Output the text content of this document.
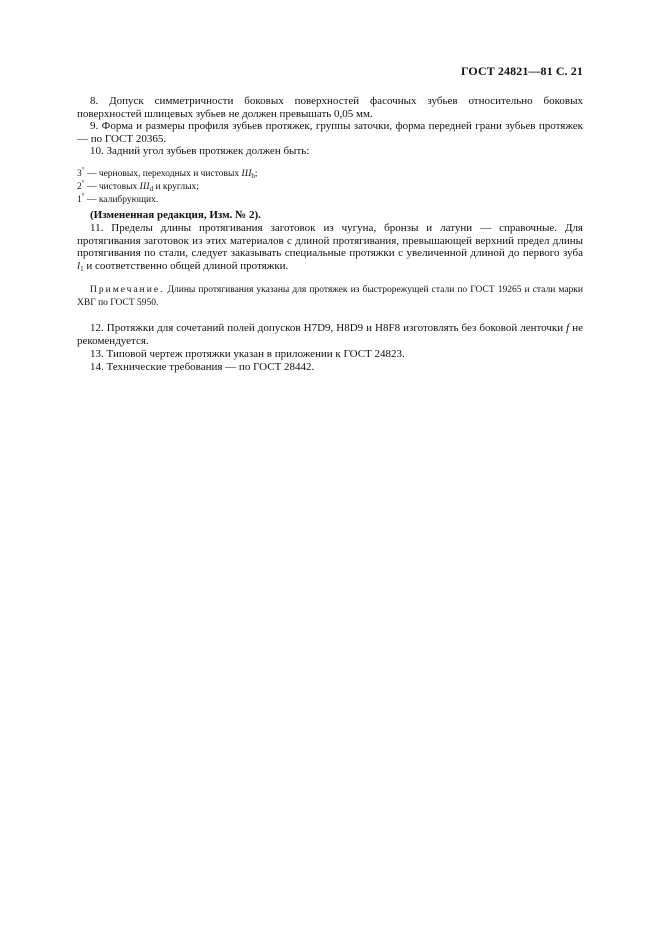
ГОСТ 24821—81 С. 21
8. Допуск симметричности боковых поверхностей фасочных зубьев относительно боковых поверхностей шлицевых зубьев не должен превышать 0,05 мм.
9. Форма и размеры профиля зубьев протяжек, группы заточки, форма передней грани зубьев протяжек — по ГОСТ 20365.
10. Задний угол зубьев протяжек должен быть:
3° — черновых, переходных и чистовых $Ш_b$;
2° — чистовых $Ш_d$ и круглых;
1° — калибрующих.
(Измененная редакция, Изм. № 2).
11. Пределы длины протягивания заготовок из чугуна, бронзы и латуни — справочные. Для протягивания заготовок из этих материалов с длиной протягивания, превышающей верхний предел длины протягивания по стали, следует заказывать специальные протяжки с увеличенной длиной до первого зуба $l_1$ и соответственно общей длиной протяжки.
Примечание. Длины протягивания указаны для протяжек из быстрорежущей стали по ГОСТ 19265 и стали марки ХВГ по ГОСТ 5950.
12. Протяжки для сочетаний полей допусков H7D9, H8D9 и H8F8 изготовлять без боковой ленточки f не рекомендуется.
13. Типовой чертеж протяжки указан в приложении к ГОСТ 24823.
14. Технические требования — по ГОСТ 28442.
